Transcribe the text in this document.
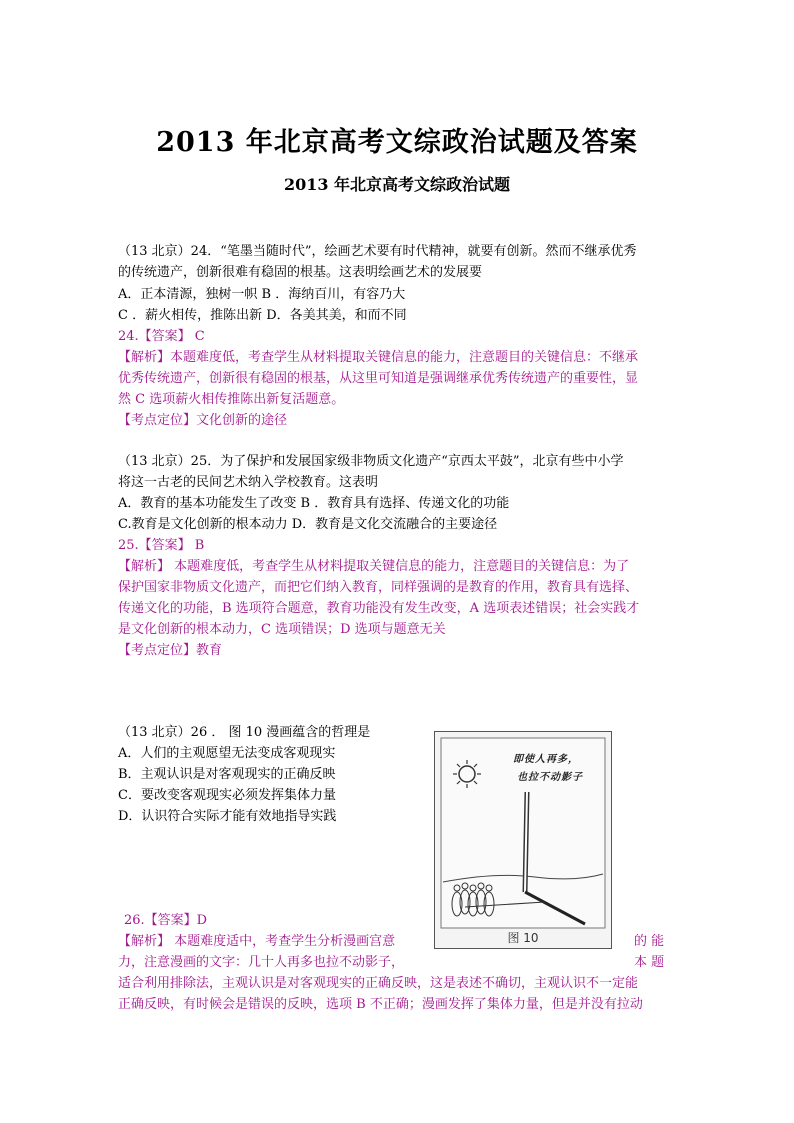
2013 年北京高考文综政治试题及答案
2013 年北京高考文综政治试题
（13 北京）24．“笔墨当随时代”，绘画艺术要有时代精神，就要有创新。然而不继承优秀
的传统遗产，创新很难有稳固的根基。这表明绘画艺术的发展要
A．正本清源，独树一帜 B ．海纳百川，有容乃大
C ．薪火相传，推陈出新 D．各美其美，和而不同
24.【答案】 C
【解析】本题难度低，考查学生从材料提取关键信息的能力，注意题目的关键信息：不继承
优秀传统遗产，创新很有稳固的根基，从这里可知道是强调继承优秀传统遗产的重要性，显
然 C 选项薪火相传推陈出新复活题意。
【考点定位】文化创新的途径
（13 北京）25．为了保护和发展国家级非物质文化遗产“京西太平鼓”，北京有些中小学
将这一古老的民间艺术纳入学校教育。这表明
A．教育的基本功能发生了改变 B ．教育具有选择、传递文化的功能
C.教育是文化创新的根本动力 D．教育是文化交流融合的主要途径
25.【答案】 B
【解析】 本题难度低，考查学生从材料提取关键信息的能力，注意题目的关键信息：为了
保护国家非物质文化遗产，而把它们纳入教育，同样强调的是教育的作用，教育具有选择、
传递文化的功能，B 选项符合题意，教育功能没有发生改变，A 选项表述错误；社会实践才
是文化创新的根本动力，C 选项错误；D 选项与题意无关
【考点定位】教育
（13 北京）26 ． 图 10 漫画蕴含的哲理是
A．人们的主观愿望无法变成客观现实
B．主观认识是对客观现实的正确反映
C．要改变客观现实必须发挥集体力量
D．认识符合实际才能有效地指导实践
即使人再多，
也拉不动影子
图 10
26.【答案】D
【解析】 本题难度适中，考查学生分析漫画宫意	的 能
力，注意漫画的文字：几十人再多也拉不动影子，	本 题
适合利用排除法，主观认识是对客观现实的正确反映，这是表述不确切，主观认识不一定能
正确反映，有时候会是错误的反映，选项 B 不正确；漫画发挥了集体力量，但是并没有拉动
